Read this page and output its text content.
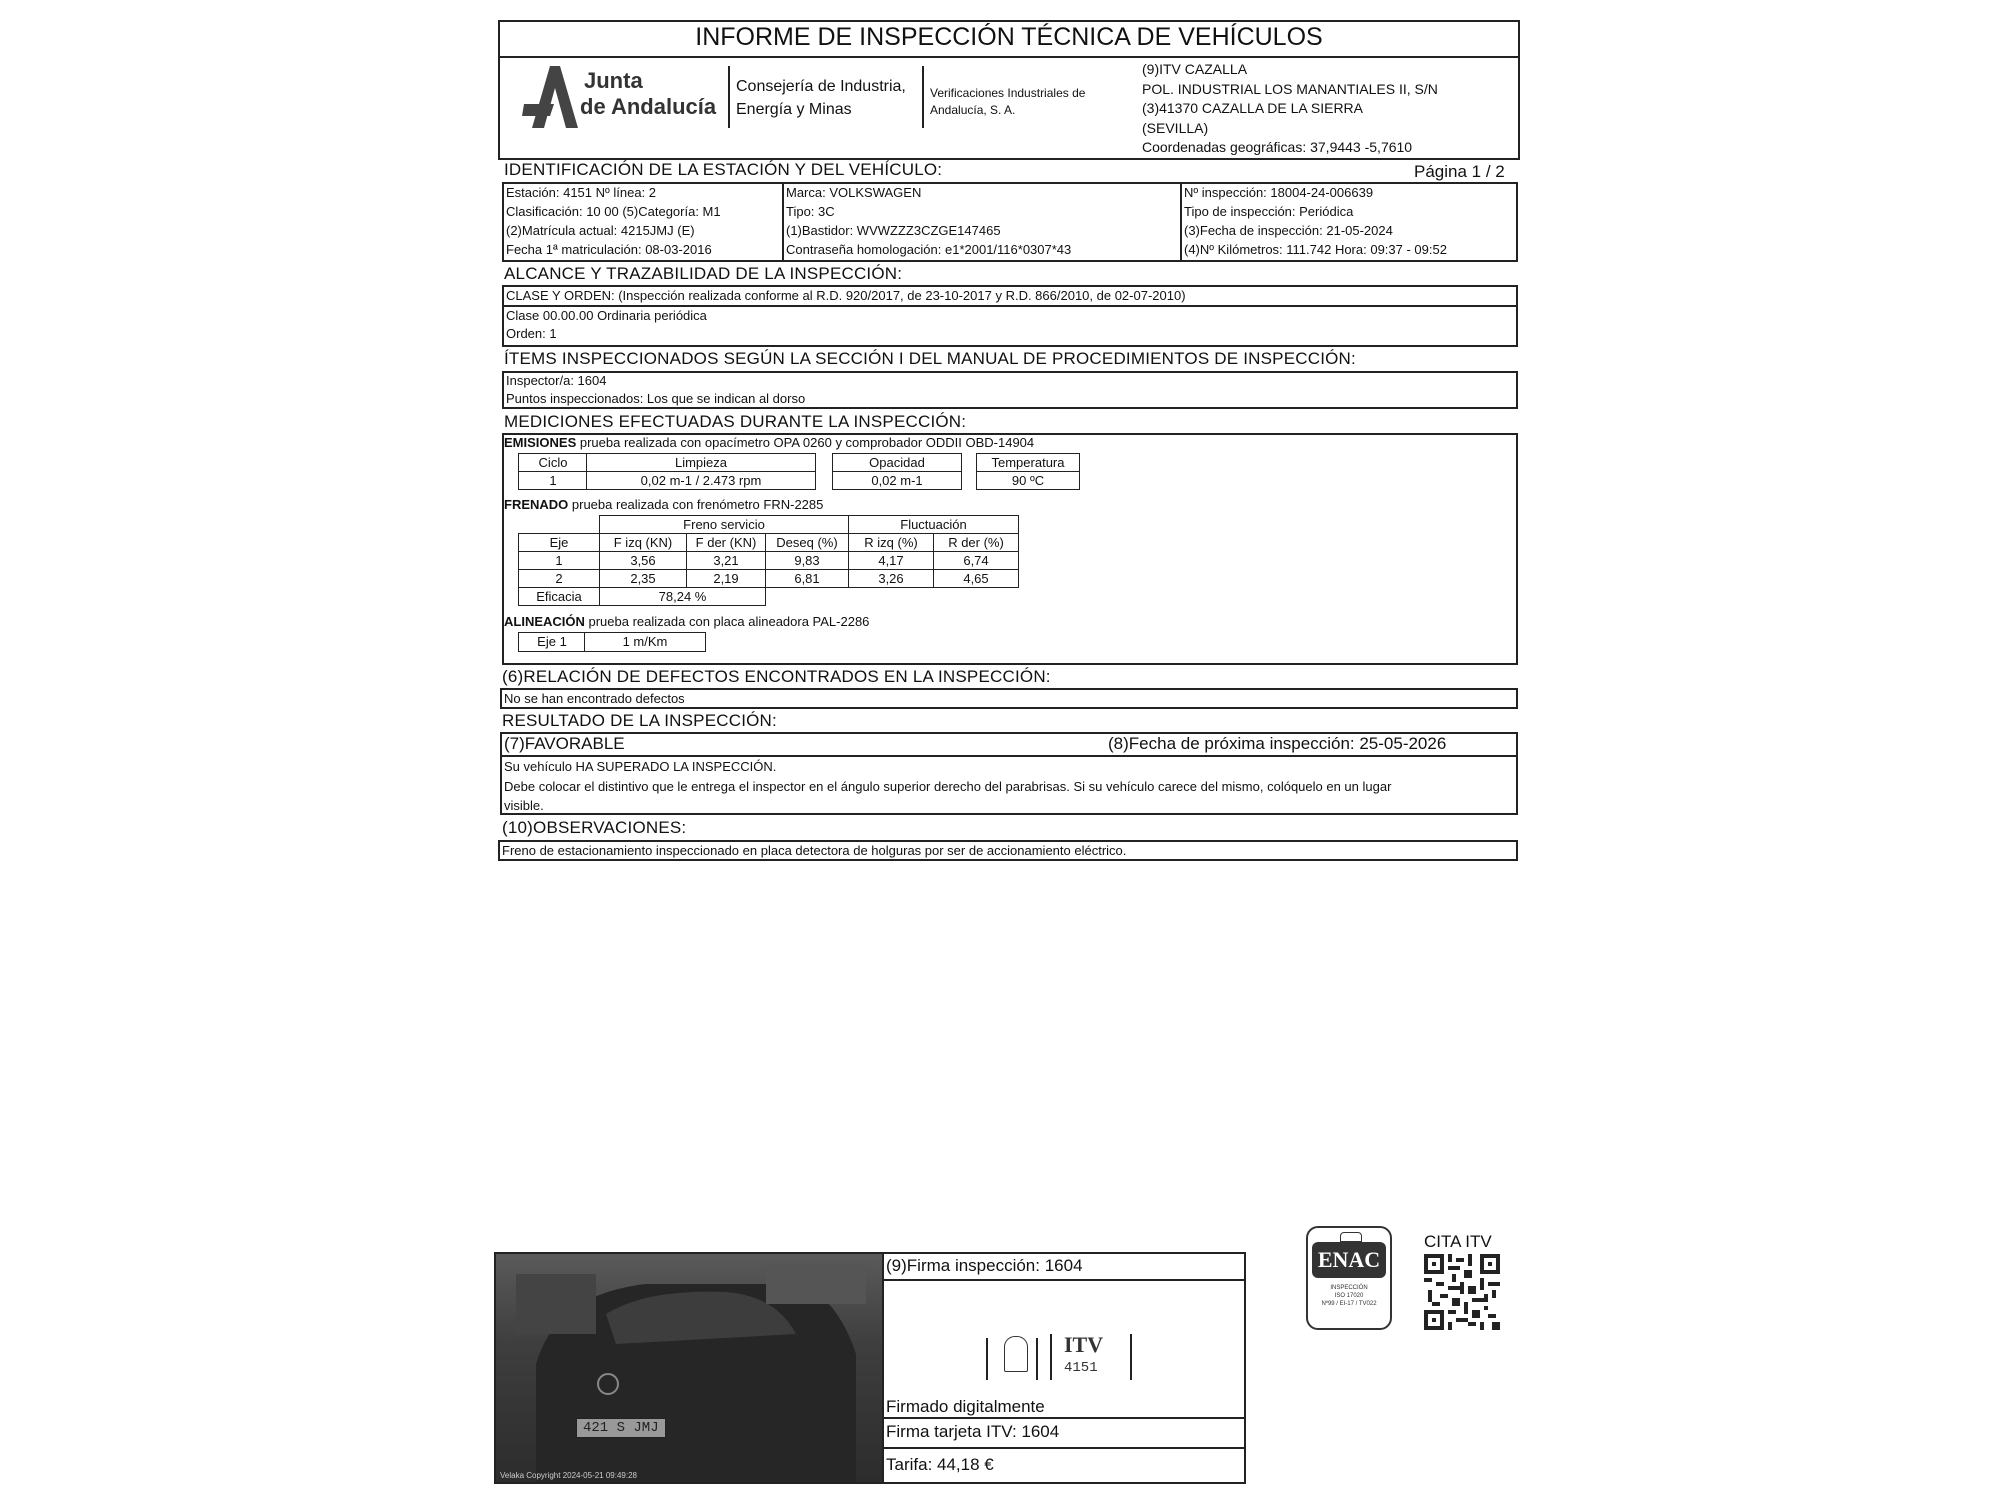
INFORME DE INSPECCIÓN TÉCNICA DE VEHÍCULOS
Junta
de Andalucía
Consejería de Industria,
Energía y Minas
Verificaciones Industriales de
Andalucía, S. A.
(9)ITV CAZALLA
POL. INDUSTRIAL LOS MANANTIALES II, S/N
(3)41370 CAZALLA DE LA SIERRA
(SEVILLA)
Coordenadas geográficas: 37,9443 -5,7610
IDENTIFICACIÓN DE LA ESTACIÓN Y DEL VEHÍCULO:	Página 1 / 2
Estación: 4151 Nº línea: 2
Clasificación: 10 00 (5)Categoría: M1
(2)Matrícula actual: 4215JMJ (E)
Fecha 1ª matriculación: 08-03-2016
Marca: VOLKSWAGEN
Tipo: 3C
(1)Bastidor: WVWZZZ3CZGE147465
Contraseña homologación: e1*2001/116*0307*43
Nº inspección: 18004-24-006639
Tipo de inspección: Periódica
(3)Fecha de inspección: 21-05-2024
(4)Nº Kilómetros: 111.742 Hora: 09:37 - 09:52
ALCANCE Y TRAZABILIDAD DE LA INSPECCIÓN:
CLASE Y ORDEN: (Inspección realizada conforme al R.D. 920/2017, de 23-10-2017 y R.D. 866/2010, de 02-07-2010)
Clase 00.00.00 Ordinaria periódica
Orden: 1
ÍTEMS INSPECCIONADOS SEGÚN LA SECCIÓN I DEL MANUAL DE PROCEDIMIENTOS DE INSPECCIÓN:
Inspector/a: 1604
Puntos inspeccionados: Los que se indican al dorso
MEDICIONES EFECTUADAS DURANTE LA INSPECCIÓN:
EMISIONES prueba realizada con opacímetro OPA 0260 y comprobador ODDII OBD-14904
Ciclo	Limpieza	Opacidad	Temperatura
1	0,02 m-1 / 2.473 rpm	0,02 m-1	90 ºC
FRENADO prueba realizada con frenómetro FRN-2285
	Freno servicio			Fluctuación	
Eje	F izq (KN)	F der (KN)	Deseq (%)	R izq (%)	R der (%)
1	3,56	3,21	9,83	4,17	6,74
2	2,35	2,19	6,81	3,26	4,65
Eficacia	78,24 %				
ALINEACIÓN prueba realizada con placa alineadora PAL-2286
Eje 1	1 m/Km
(6)RELACIÓN DE DEFECTOS ENCONTRADOS EN LA INSPECCIÓN:
No se han encontrado defectos
RESULTADO DE LA INSPECCIÓN:
(7)FAVORABLE	(8)Fecha de próxima inspección: 25-05-2026
Su vehículo HA SUPERADO LA INSPECCIÓN.
Debe colocar el distintivo que le entrega el inspector en el ángulo superior derecho del parabrisas. Si su vehículo carece del mismo, colóquelo en un lugar
visible.
(10)OBSERVACIONES:
Freno de estacionamiento inspeccionado en placa detectora de holguras por ser de accionamiento eléctrico.
421 S JMJ
Velaka Copyright 2024-05-21 09:49:28
(9)Firma inspección: 1604
ITV
4151
Firmado digitalmente
Firma tarjeta ITV: 1604
Tarifa: 44,18 €
ENAC
INSPECCIÓN
ISO 17020
Nº99 / EI-17 / TV022
CITA ITV
